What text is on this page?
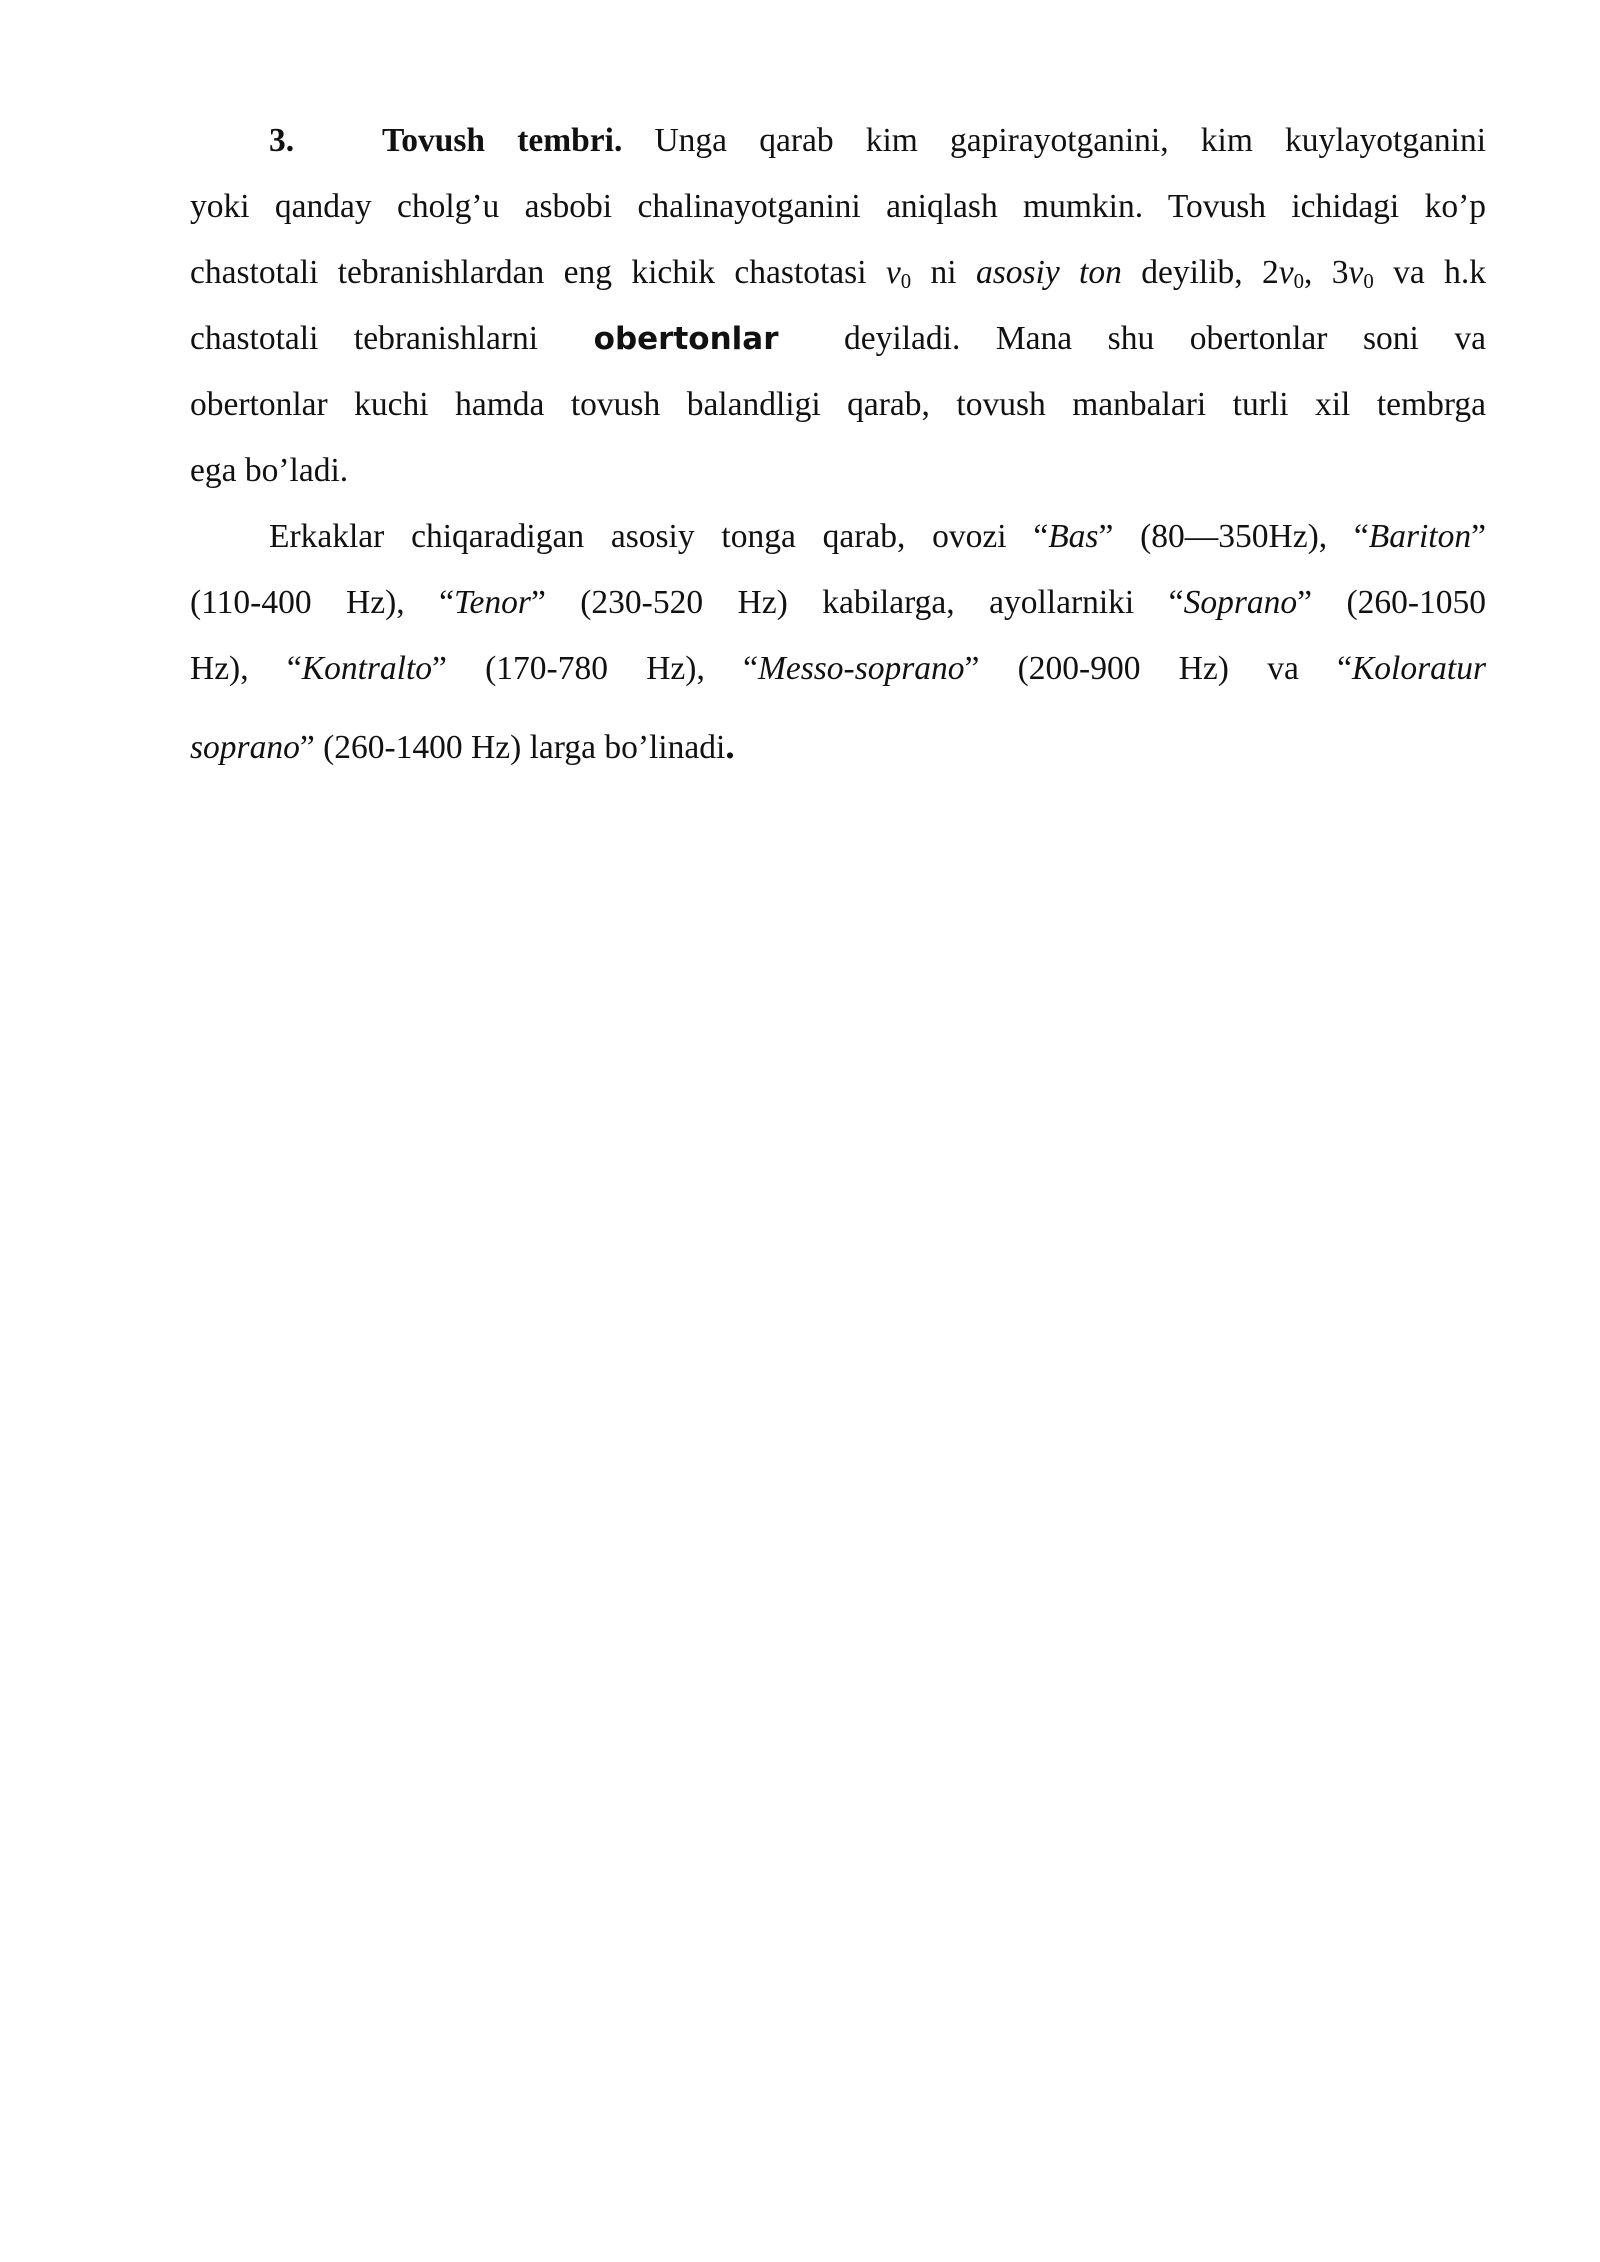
3.	Tovush tembri. Unga qarab kim gapirayotganini, kim kuylayotganini
yoki qanday cholg’u asbobi chalinayotganini aniqlash mumkin. Tovush ichidagi ko’p
chastotali tebranishlardan eng kichik chastotasi $\nu_0$ ni asosiy ton deyilib, $2\nu_0$, $3\nu_0$ va h.k
chastotali tebranishlarni obertonlar deyiladi. Mana shu obertonlar soni va
obertonlar kuchi hamda tovush balandligi qarab, tovush manbalari turli xil tembrga
ega bo’ladi.
Erkaklar chiqaradigan asosiy tonga qarab, ovozi “Bas” (80—350Hz), “Bariton”
(110-400 Hz), “Tenor” (230-520 Hz) kabilarga, ayollarniki “Soprano” (260-1050
Hz), “Kontralto” (170-780 Hz), “Messo-soprano” (200-900 Hz) va “Koloratur
soprano” (260-1400 Hz) larga bo’linadi.
